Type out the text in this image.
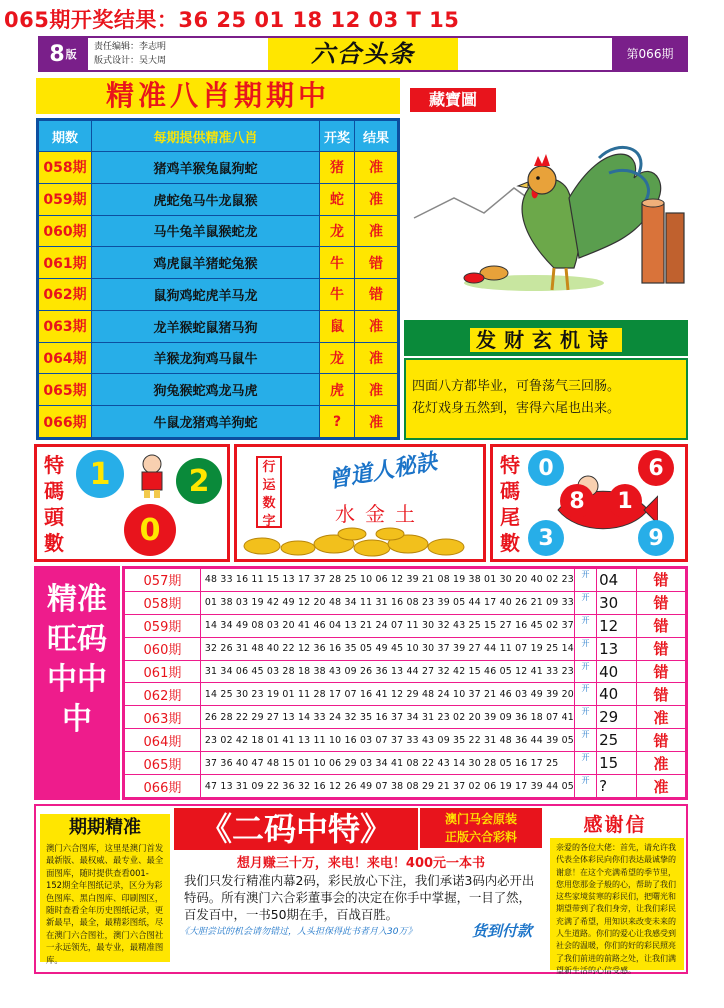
065期开奖结果：36 25 01 18 12 03 T 15
8 版
责任编辑：李志明
版式设计：吴大周	六合头条	第066期
精准八肖期期中
期数	每期提供精准八肖	开奖	结果
058期	猪鸡羊猴兔鼠狗蛇	猪	准
059期	虎蛇兔马牛龙鼠猴	蛇	准
060期	马牛兔羊鼠猴蛇龙	龙	准
061期	鸡虎鼠羊猪蛇兔猴	牛	错
062期	鼠狗鸡蛇虎羊马龙	牛	错
063期	龙羊猴蛇鼠猪马狗	鼠	准
064期	羊猴龙狗鸡马鼠牛	龙	准
065期	狗兔猴蛇鸡龙马虎	虎	准
066期	牛鼠龙猪鸡羊狗蛇	?	准
藏寶圖
发财玄机诗
四面八方都毕业，可鲁荡气三回肠。
花灯戏身五然到，害得六尾也出来。
特碼頭數
1	2
0
行运数字
曾道人秘訣
水金土
特碼尾數
0	6
8	1
3	9
精准旺码中中中
057期	48 33 16 11 15 13 17 37 28 25 10 06 12 39 21 08 19 38 01 30 20 40 02 23	开	04	错
058期	01 38 03 19 42 49 12 20 48 34 11 31 16 08 23 39 05 44 17 40 26 21 09 33	开	30	错
059期	14 34 49 08 03 20 41 46 04 13 21 24 07 11 30 32 43 25 15 27 16 45 02 37	开	12	错
060期	32 26 31 48 40 22 12 36 16 35 05 49 45 10 30 37 39 27 44 11 07 19 25 14	开	13	错
061期	31 34 06 45 03 28 18 38 43 09 26 36 13 44 27 32 42 15 46 05 12 41 33 23	开	40	错
062期	14 25 30 23 19 01 11 28 17 07 16 41 12 29 48 24 10 37 21 46 03 49 39 20	开	40	错
063期	26 28 22 29 27 13 14 33 24 32 35 16 37 34 31 23 02 20 39 09 36 18 07 41	开	29	准
064期	23 02 42 18 01 41 13 11 10 16 03 07 37 33 43 09 35 22 31 48 36 44 39 05	开	25	错
065期	37 36 40 47 48 15 01 10 06 29 03 34 41 08 22 43 14 30 28 05 16 17 25	开	15	准
066期	47 13 31 09 22 36 32 16 12 26 49 07 38 08 29 21 37 02 06 19 17 39 44 05	开	?	准
期期精准
澳门六合图库，这里是澳门首发最新版、最权威、最专业、最全面图库，随时提供查看001-152期全年图纸记录，区分为彩色图库、黑白图库、印刷图区，随时查看全年历史图纸记录，更新最早，最全，最精彩图纸，尽在澳门六合图社，澳门六合图社一永远领先，最专业，最精准图库。
《二码中特》	澳门马会原装
正版六合彩料
想月赚三十万，来电！来电！400元一本书
我们只发行精准内幕2码，彩民放心下注，我们承诺3码内必开出特码。所有澳门六合彩董事会的决定在你手中掌握，一目了然，百发百中，一书50期在手，百战百胜。
《大胆尝试的机会请勿错过，人头担保得此书者月入30万》	货到付款
感谢信
亲爱的各位大佬：首先，请允许我代表全体彩民向你们表达最诚挚的谢意！在这个充满希望的季节里，您用您那金子般的心，帮助了我们这些家境贫寒的彩民们，把曙光和期望带到了我们身旁，让我们彩民充满了希望，用知识来改变未来的人生道路。你们的爱心让我感受到社会的温暖，你们的好的彩民照亮了我们前进的前路之处，让我们满望新生活的心信受感。
